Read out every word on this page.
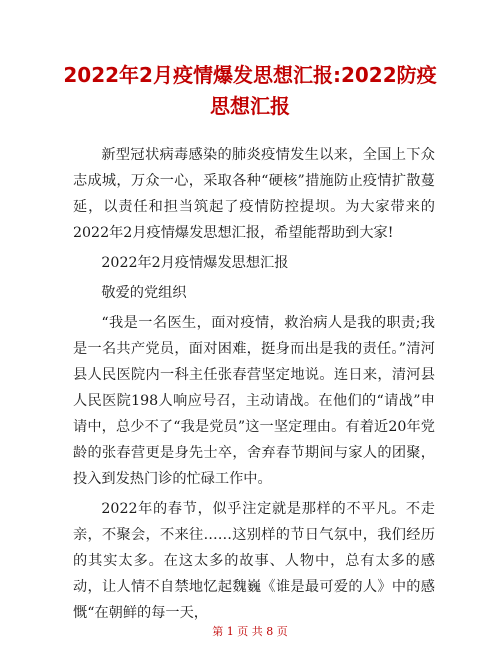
2022年2月疫情爆发思想汇报:2022防疫思想汇报

新型冠状病毒感染的肺炎疫情发生以来，全国上下众志成城，万众一心，采取各种“硬核”措施防止疫情扩散蔓延，以责任和担当筑起了疫情防控提坝。为大家带来的2022年2月疫情爆发思想汇报，希望能帮助到大家!

2022年2月疫情爆发思想汇报

敬爱的党组织

“我是一名医生，面对疫情，救治病人是我的职责;我是一名共产党员，面对困难，挺身而出是我的责任。”清河县人民医院内一科主任张春营坚定地说。连日来，清河县人民医院198人响应号召，主动请战。在他们的“请战”申请中，总少不了“我是党员”这一坚定理由。有着近20年党龄的张春营更是身先士卒，舍弃春节期间与家人的团聚，投入到发热门诊的忙碌工作中。

2022年的春节，似乎注定就是那样的不平凡。不走亲，不聚会，不来往……这别样的节日气氛中，我们经历的其实太多。在这太多的故事、人物中，总有太多的感动，让人情不自禁地忆起魏巍《谁是最可爱的人》中的感慨“在朝鲜的每一天，

第 1 页 共 8 页
